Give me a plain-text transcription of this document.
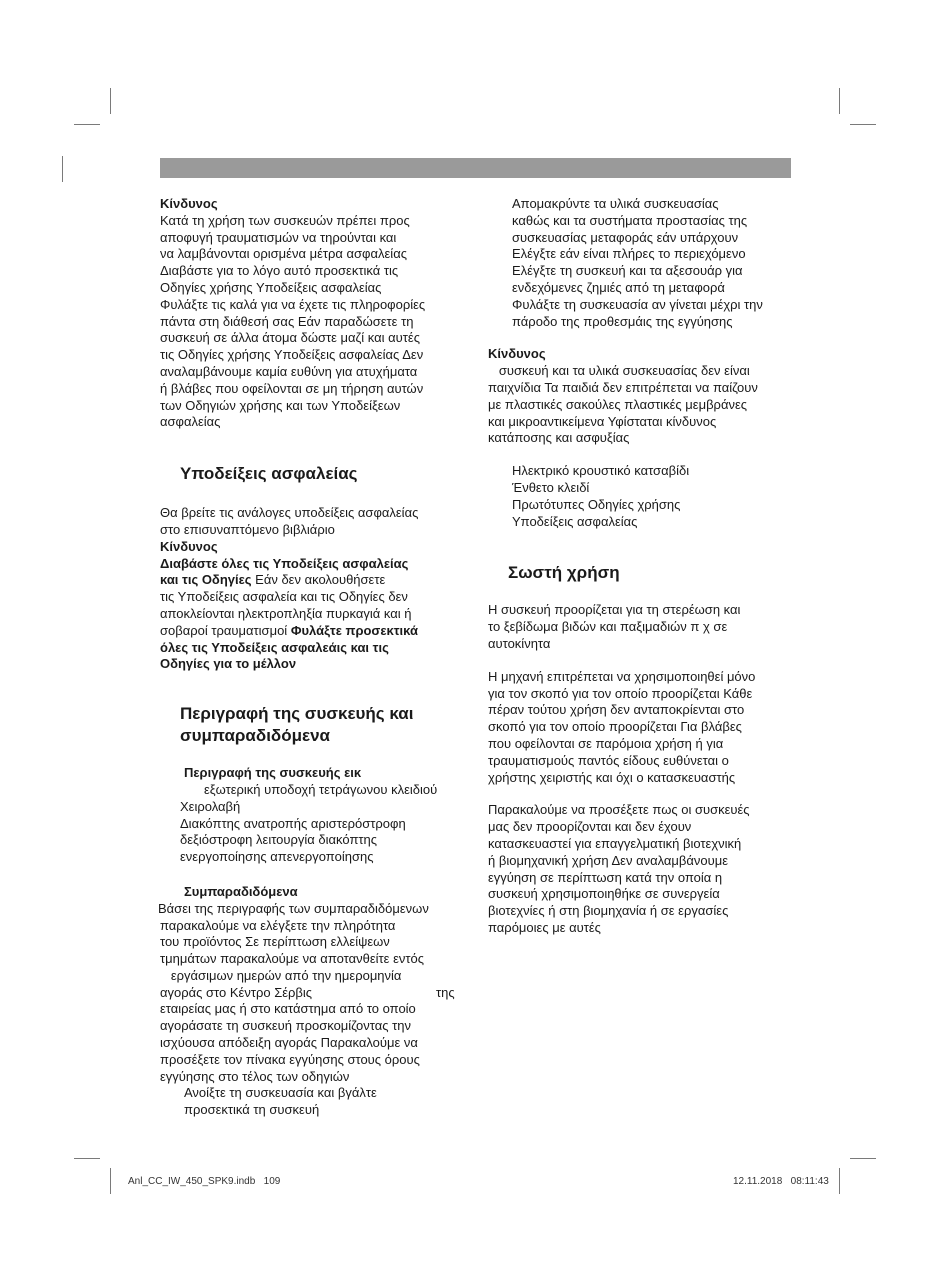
Κίνδυνος

Κατά τη χρήση των συσκευών πρέπει προς

αποφυγή τραυματισμών να τηρούνται και

να λαμβάνονται ορισμένα μέτρα ασφαλείας

Διαβάστε για το λόγο αυτό προσεκτικά τις

Οδηγίες χρήσης Υποδείξεις ασφαλείας

Φυλάξτε τις καλά για να έχετε τις πληροφορίες

πάντα στη διάθεσή σας Εάν παραδώσετε τη

συσκευή σε άλλα άτομα δώστε μαζί και αυτές

τις Οδηγίες χρήσης Υποδείξεις ασφαλείας Δεν

αναλαμβάνουμε καμία ευθύνη για ατυχήματα

ή βλάβες που οφείλονται σε μη τήρηση αυτών

των Οδηγιών χρήσης και των Υποδείξεων

ασφαλείας

Υποδείξεις ασφαλείας

Θα βρείτε τις ανάλογες υποδείξεις ασφαλείας

στο επισυναπτόμενο βιβλιάριο

Κίνδυνος

Διαβάστε όλες τις Υποδείξεις ασφαλείας

και τις Οδηγίες Εάν δεν ακολουθήσετε

τις Υποδείξεις ασφαλεία και τις Οδηγίες δεν

αποκλείονται ηλεκτροπληξία πυρκαγιά και ή

σοβαροί τραυματισμοί Φυλάξτε προσεκτικά

όλες τις Υποδείξεις ασφαλεάις και τις

Οδηγίες για το μέλλον

Περιγραφή της συσκευής και

συμπαραδιδόμενα

Περιγραφή της συσκευής εικ

εξωτερική υποδοχή τετράγωνου κλειδιού

Χειρολαβή

Διακόπτης ανατροπής αριστερόστροφη

δεξιόστροφη λειτουργία διακόπτης

ενεργοποίησης απενεργοποίησης

Συμπαραδιδόμενα

Βάσει της περιγραφής των συμπαραδιδόμενων

παρακαλούμε να ελέγξετε την πληρότητα

του προϊόντος Σε περίπτωση ελλείψεων

τμημάτων παρακαλούμε να αποτανθείτε εντός

εργάσιμων ημερών από την ημερομηνία

αγοράς στο Κέντρο Σέρβις	της

εταιρείας μας ή στο κατάστημα από το οποίο

αγοράσατε τη συσκευή προσκομίζοντας την

ισχύουσα απόδειξη αγοράς Παρακαλούμε να

προσέξετε τον πίνακα εγγύησης στους όρους

εγγύησης στο τέλος των οδηγιών

Ανοίξτε τη συσκευασία και βγάλτε

προσεκτικά τη συσκευή

Απομακρύντε τα υλικά συσκευασίας

καθώς και τα συστήματα προστασίας της

συσκευασίας μεταφοράς εάν υπάρχουν

Ελέγξτε εάν είναι πλήρες το περιεχόμενο

Ελέγξτε τη συσκευή και τα αξεσουάρ για

ενδεχόμενες ζημιές από τη μεταφορά

Φυλάξτε τη συσκευασία αν γίνεται μέχρι την

πάροδο της προθεσμάις της εγγύησης

Κίνδυνος

συσκευή και τα υλικά συσκευασίας δεν είναι

παιχνίδια Τα παιδιά δεν επιτρέπεται να παίζουν

με πλαστικές σακούλες πλαστικές μεμβράνες

και μικροαντικείμενα Υφίσταται κίνδυνος

κατάποσης και ασφυξίας

Ηλεκτρικό κρουστικό κατσαβίδι

Ένθετο κλειδί

Πρωτότυπες Οδηγίες χρήσης

Υποδείξεις ασφαλείας

Σωστή χρήση

Η συσκευή προορίζεται για τη στερέωση και

το ξεβίδωμα βιδών και παξιμαδιών π χ σε

αυτοκίνητα

Η μηχανή επιτρέπεται να χρησιμοποιηθεί μόνο

για τον σκοπό για τον οποίο προορίζεται Κάθε

πέραν τούτου χρήση δεν ανταποκρίενται στο

σκοπό για τον οποίο προορίζεται Για βλάβες

που οφείλονται σε παρόμοια χρήση ή για

τραυματισμούς παντός είδους ευθύνεται ο

χρήστης χειριστής και όχι ο κατασκευαστής

Παρακαλούμε να προσέξετε πως οι συσκευές

μας δεν προορίζονται και δεν έχουν

κατασκευαστεί για επαγγελματική βιοτεχνική

ή βιομηχανική χρήση Δεν αναλαμβάνουμε

εγγύηση σε περίπτωση κατά την οποία η

συσκευή χρησιμοποιηθήκε σε συνεργεία

βιοτεχνίες ή στη βιομηχανία ή σε εργασίες

παρόμοιες με αυτές

Anl_CC_IW_450_SPK9.indb   109	12.11.2018   08:11:43
